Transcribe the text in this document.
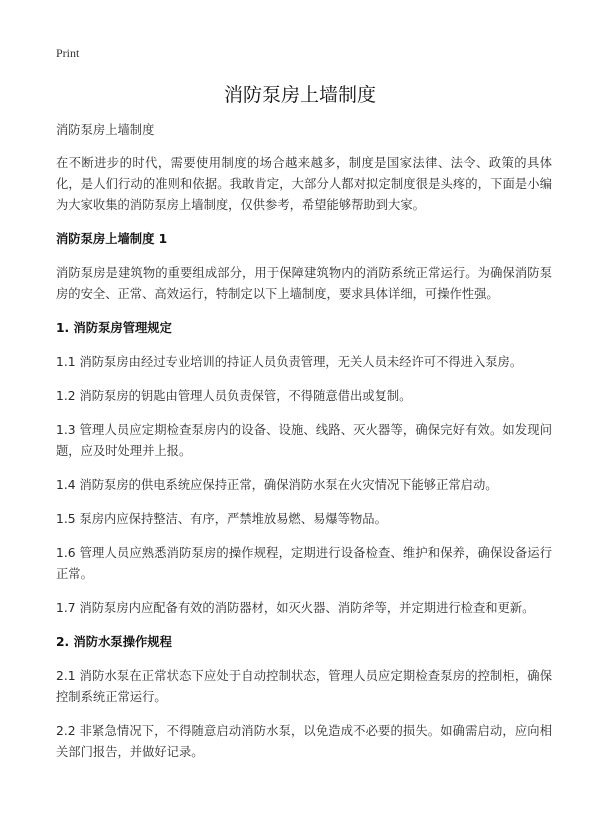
Print
消防泵房上墙制度

消防泵房上墙制度

在不断进步的时代，需要使用制度的场合越来越多，制度是国家法律、法令、政策的具体化，是人们行动的准则和依据。我敢肯定，大部分人都对拟定制度很是头疼的，下面是小编为大家收集的消防泵房上墙制度，仅供参考，希望能够帮助到大家。

消防泵房上墙制度 1

消防泵房是建筑物的重要组成部分，用于保障建筑物内的消防系统正常运行。为确保消防泵房的安全、正常、高效运行，特制定以下上墙制度，要求具体详细，可操作性强。

1. 消防泵房管理规定

1.1 消防泵房由经过专业培训的持证人员负责管理，无关人员未经许可不得进入泵房。

1.2 消防泵房的钥匙由管理人员负责保管，不得随意借出或复制。

1.3 管理人员应定期检查泵房内的设备、设施、线路、灭火器等，确保完好有效。如发现问题，应及时处理并上报。

1.4 消防泵房的供电系统应保持正常，确保消防水泵在火灾情况下能够正常启动。

1.5 泵房内应保持整洁、有序，严禁堆放易燃、易爆等物品。

1.6 管理人员应熟悉消防泵房的操作规程，定期进行设备检查、维护和保养，确保设备运行正常。

1.7 消防泵房内应配备有效的消防器材，如灭火器、消防斧等，并定期进行检查和更新。

2. 消防水泵操作规程

2.1 消防水泵在正常状态下应处于自动控制状态，管理人员应定期检查泵房的控制柜，确保控制系统正常运行。

2.2 非紧急情况下，不得随意启动消防水泵，以免造成不必要的损失。如确需启动，应向相关部门报告，并做好记录。
